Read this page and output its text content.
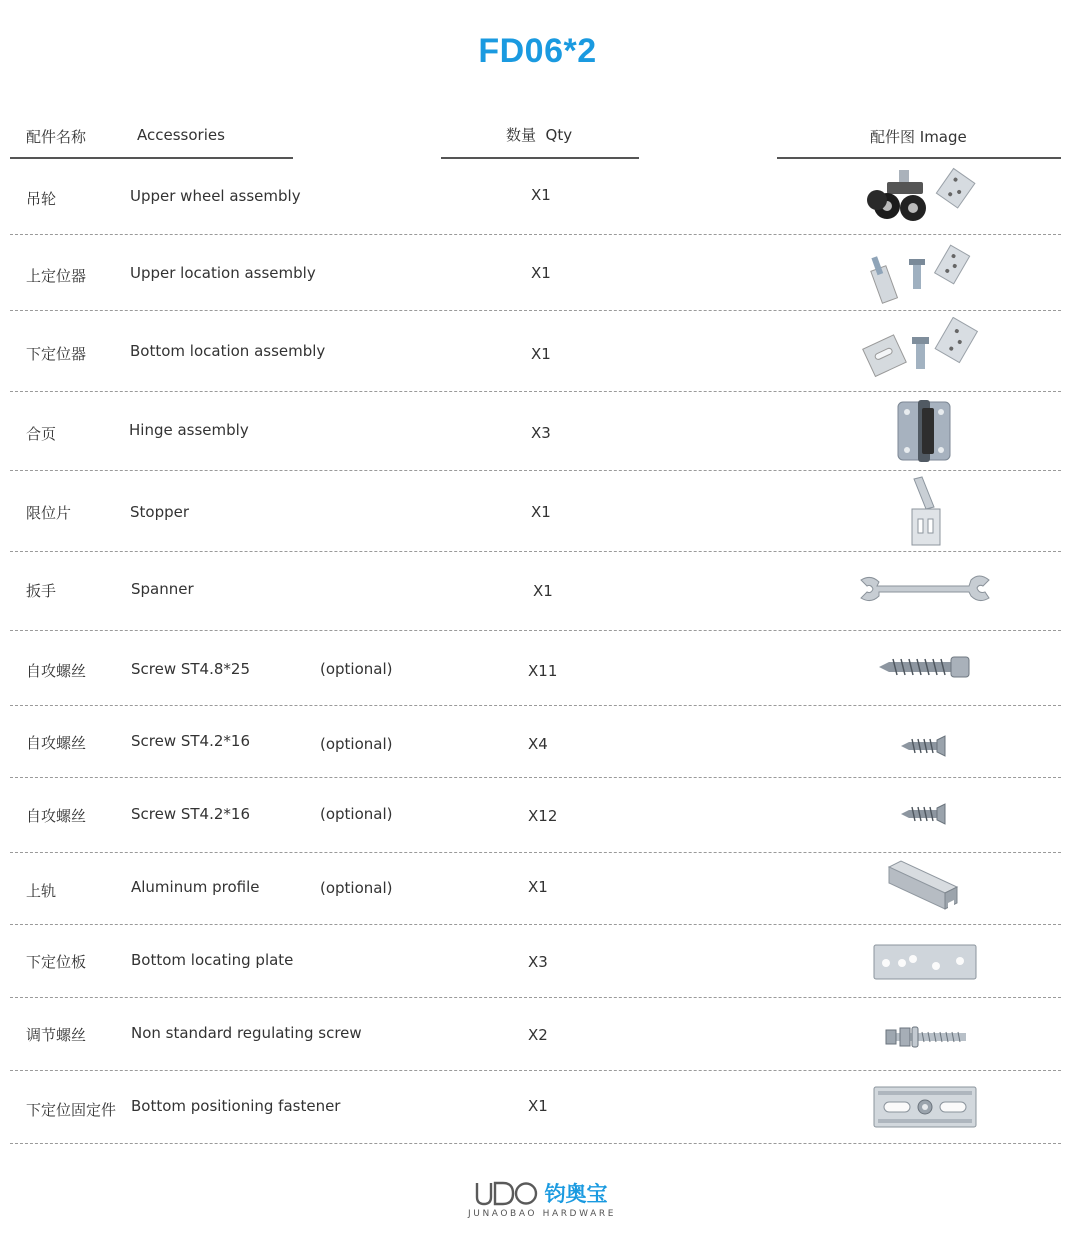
FD06*2
配件名称	Accessories	数量  Qty	配件图 Image
吊轮	Upper wheel assembly	X1
上定位器	Upper location assembly	X1
下定位器	Bottom location assembly	X1
合页	Hinge assembly	X3
限位片	Stopper	X1
扳手	Spanner	X1
自攻螺丝	Screw ST4.8*25	(optional)	X11
自攻螺丝	Screw ST4.2*16	(optional)	X4
自攻螺丝	Screw ST4.2*16	(optional)	X12
上轨	Aluminum profile	(optional)	X1
下定位板	Bottom locating plate	X3
调节螺丝	Non standard regulating screw	X2
下定位固定件 Bottom positioning fastener	X1
钧奥宝
JUNAOBAO HARDWARE
